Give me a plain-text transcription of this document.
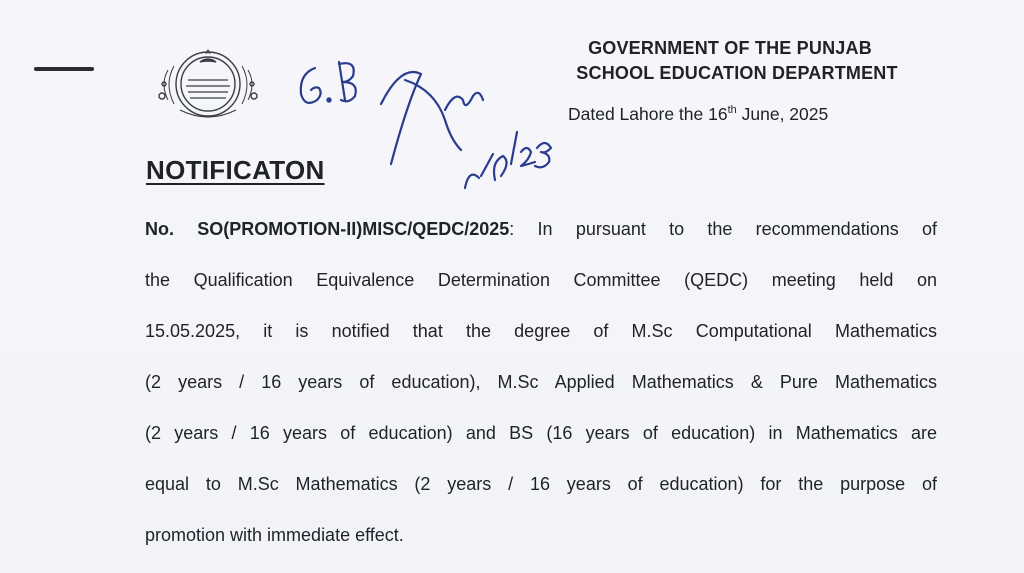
GOVERNMENT OF THE PUNJAB
SCHOOL EDUCATION DEPARTMENT
Dated Lahore the 16th June, 2025
NOTIFICATON
No. SO(PROMOTION-II)MISC/QEDC/2025: In pursuant to the recommendations of
the Qualification Equivalence Determination Committee (QEDC) meeting held on
15.05.2025, it is notified that the degree of M.Sc Computational Mathematics
(2 years / 16 years of education), M.Sc Applied Mathematics & Pure Mathematics
(2 years / 16 years of education) and BS (16 years of education) in Mathematics are
equal to M.Sc Mathematics (2 years / 16 years of education) for the purpose of
promotion with immediate effect.
